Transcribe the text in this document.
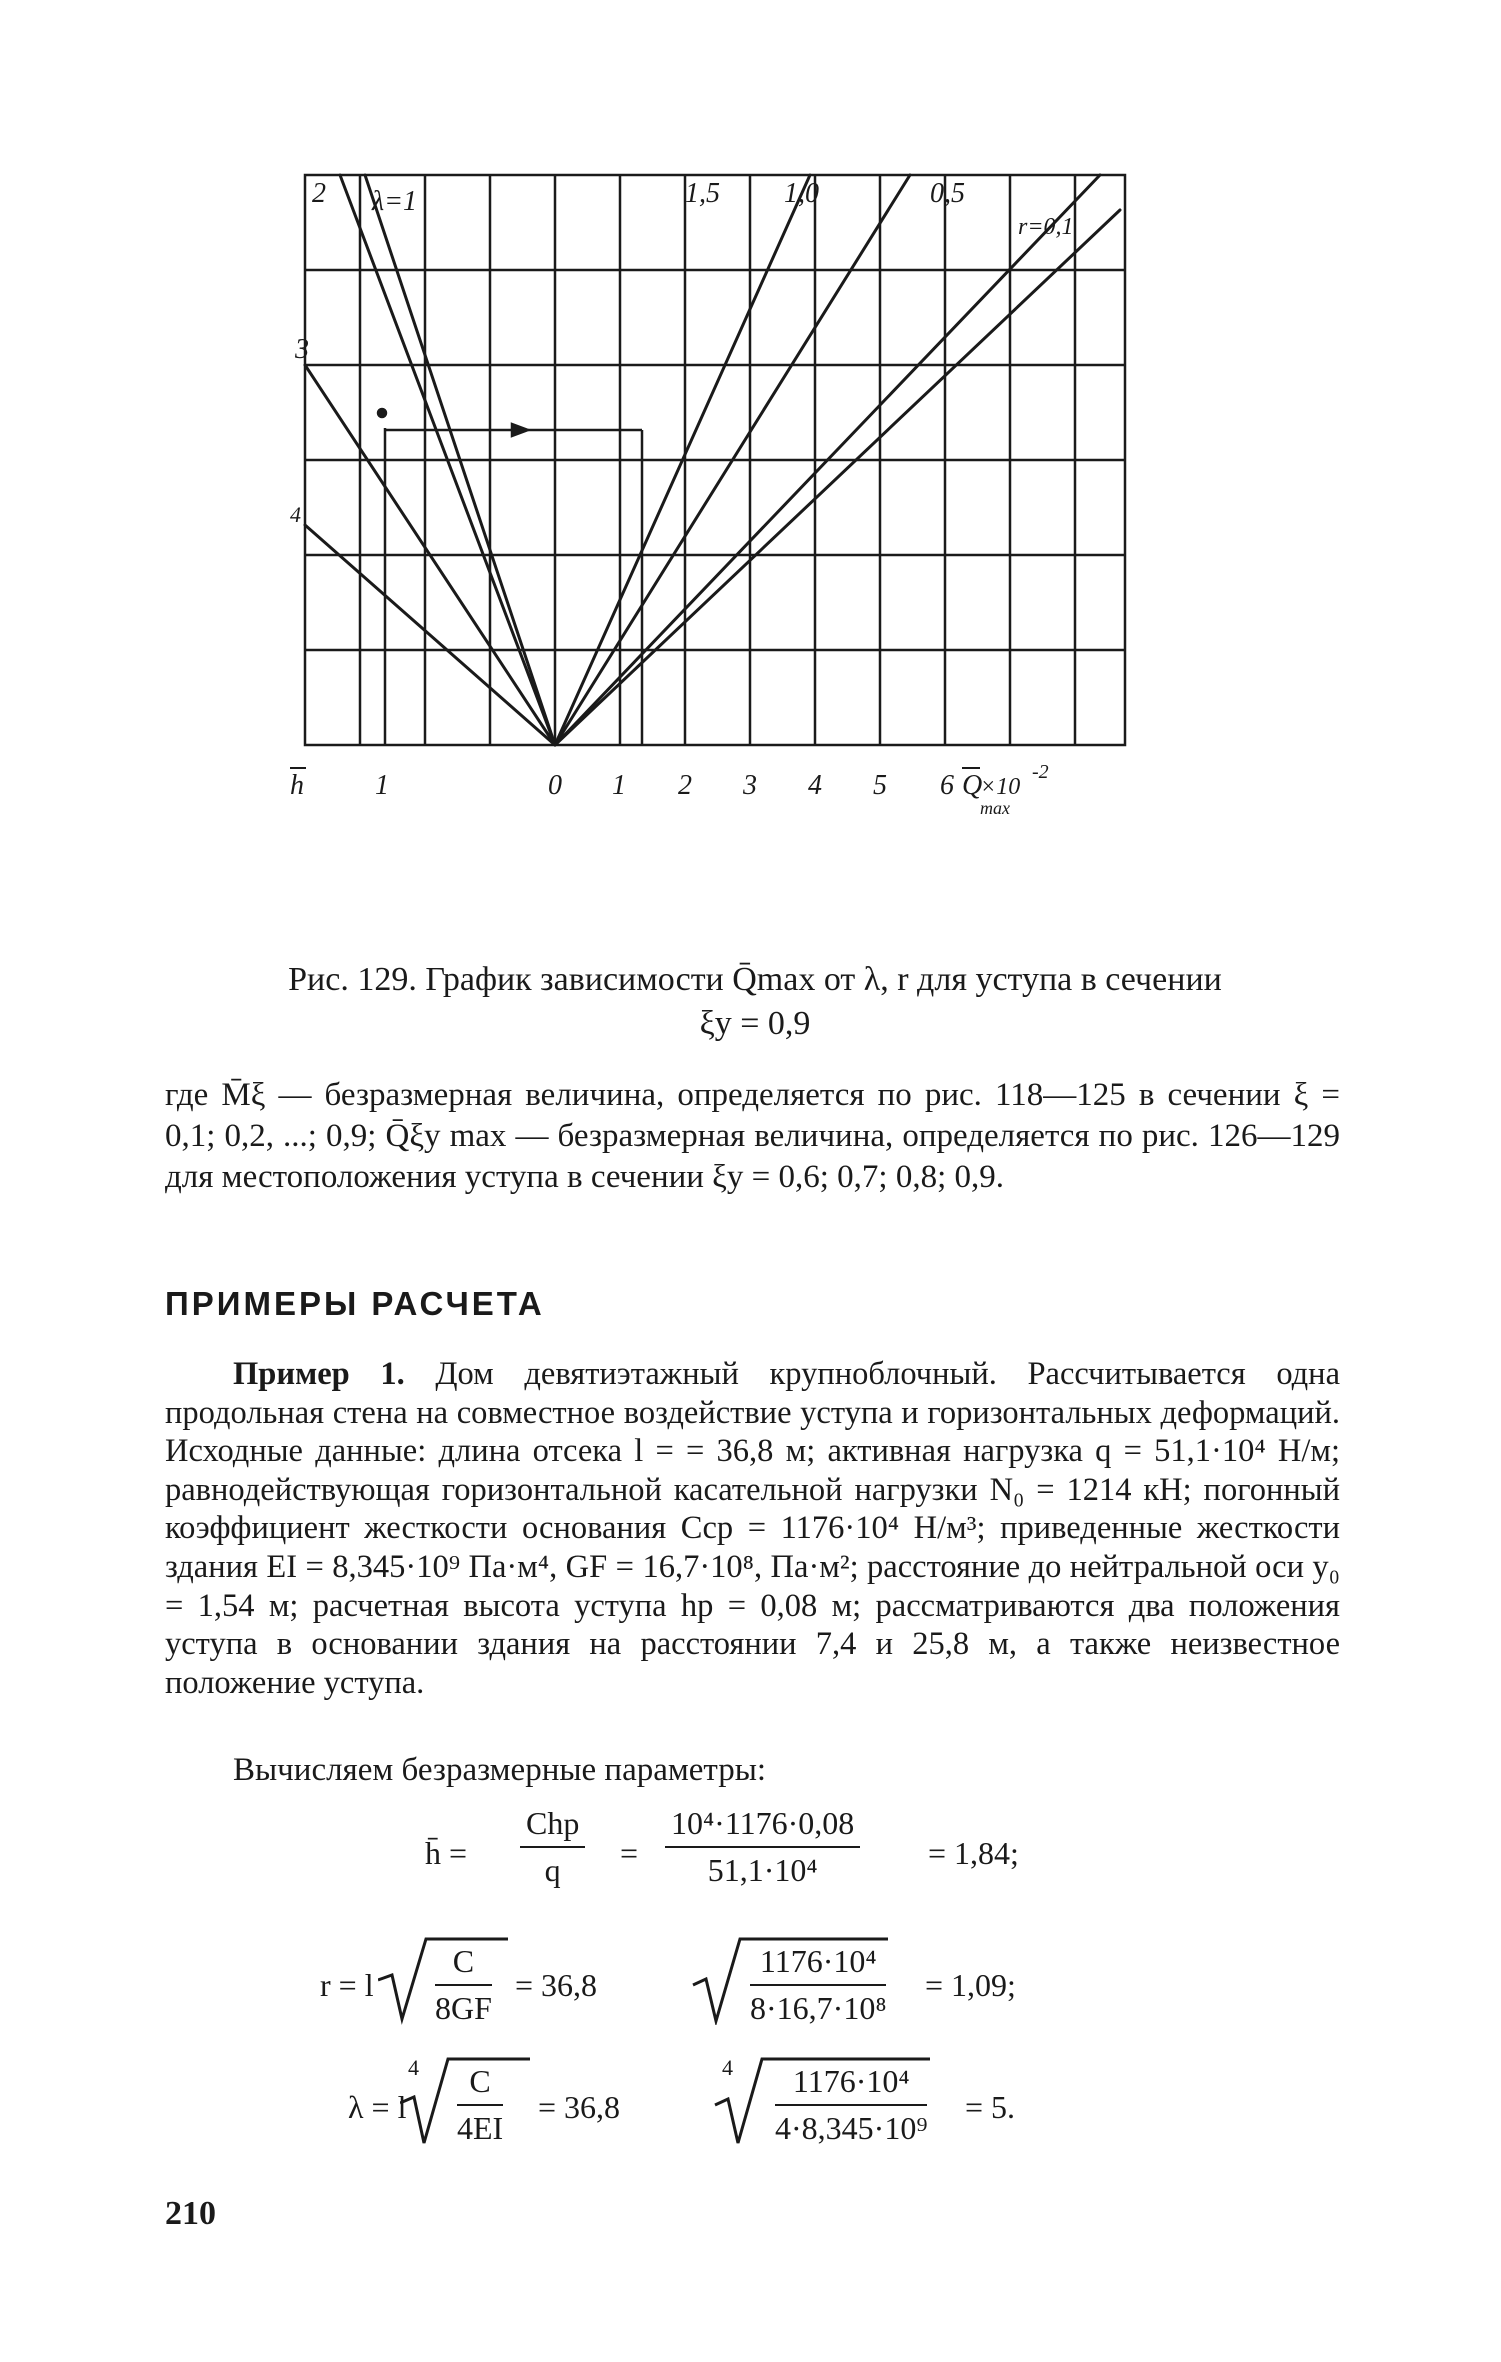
2 λ=1	1,5 1,0	0,5
r=0,1
3
4
h	1	0 1 2 3 4 5 6 Q
×10
-2
max
Рис. 129. График зависимости Q̄max от λ, r для уступа в сечении
ξу = 0,9
где M̄ξ — безразмерная величина, определяется по рис. 118—125 в сечении ξ = 0,1; 0,2, ...; 0,9; Q̄ξy max — безразмерная величина, определяется по рис. 126—129 для местоположения уступа в сечении ξy = 0,6; 0,7; 0,8; 0,9.
ПРИМЕРЫ РАСЧЕТА
Пример 1. Дом девятиэтажный крупноблочный. Рассчитывается одна продольная стена на совместное воздействие уступа и горизонтальных деформаций. Исходные данные: длина отсека l = = 36,8 м; активная нагрузка q = 51,1·10⁴ Н/м; равнодействующая горизонтальной касательной нагрузки N₀ = 1214 кН; погонный коэффициент жесткости основания Cср = 1176·10⁴ Н/м³; приведенные жесткости здания EI = 8,345·10⁹ Па·м⁴, GF = 16,7·10⁸, Па·м²; расстояние до нейтральной оси y₀ = 1,54 м; расчетная высота уступа hр = 0,08 м; рассматриваются два положения уступа в основании здания на расстоянии 7,4 и 25,8 м, а также неизвестное положение уступа.
Вычисляем безразмерные параметры:
h̄ =
Chр
q	= $\frac{\text{10⁴·1176·0,08}}{\text{51,1·10⁴}} = 1,84$;
r = l $\frac{C}{8GF} = 36,8$	$\frac{\text{1176·10⁴}}{\text{8·16,7·10⁸}} = 1,09$;
λ = l
4	4
$\frac{C}{4EI} = 36,8$	$\frac{\text{1176·10⁴}}{\text{4·8,345·10⁹}} = 5$.
210
